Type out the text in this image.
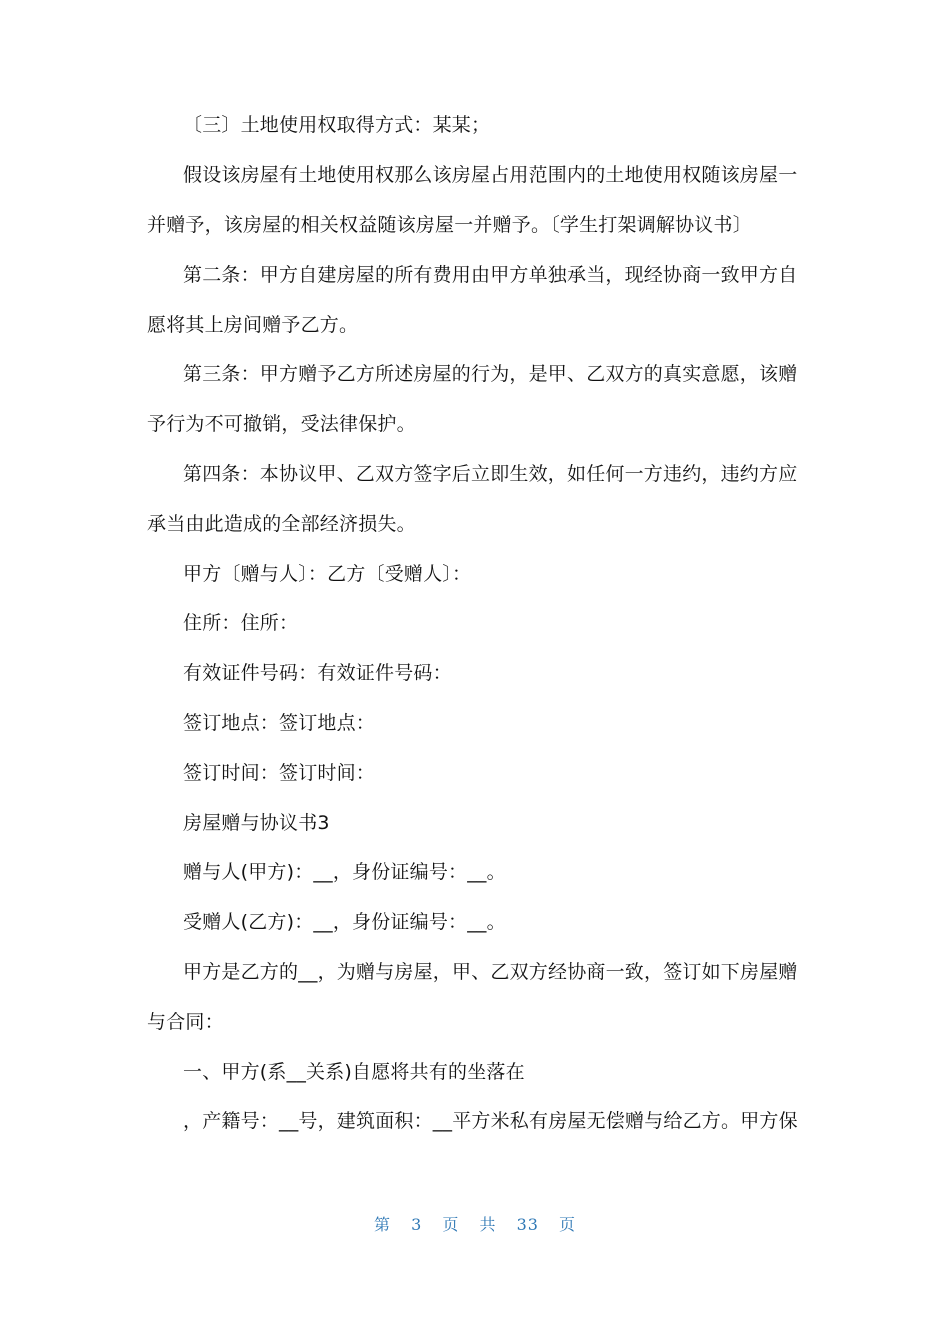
〔三〕土地使用权取得方式：某某；
假设该房屋有土地使用权那么该房屋占用范围内的土地使用权随该房屋一
并赠予，该房屋的相关权益随该房屋一并赠予。〔学生打架调解协议书〕
第二条：甲方自建房屋的所有费用由甲方单独承当，现经协商一致甲方自
愿将其上房间赠予乙方。
第三条：甲方赠予乙方所述房屋的行为，是甲、乙双方的真实意愿，该赠
予行为不可撤销，受法律保护。
第四条：本协议甲、乙双方签字后立即生效，如任何一方违约，违约方应
承当由此造成的全部经济损失。
甲方〔赠与人〕：乙方〔受赠人〕：
住所：住所：
有效证件号码：有效证件号码：
签订地点：签订地点：
签订时间：签订时间：
房屋赠与协议书3
赠与人(甲方)：__，身份证编号：__。
受赠人(乙方)：__，身份证编号：__。
甲方是乙方的__，为赠与房屋，甲、乙双方经协商一致，签订如下房屋赠
与合同：
一、甲方(系__关系)自愿将共有的坐落在
，产籍号：__号，建筑面积：__平方米私有房屋无偿赠与给乙方。甲方保
第 3 页 共 33 页
